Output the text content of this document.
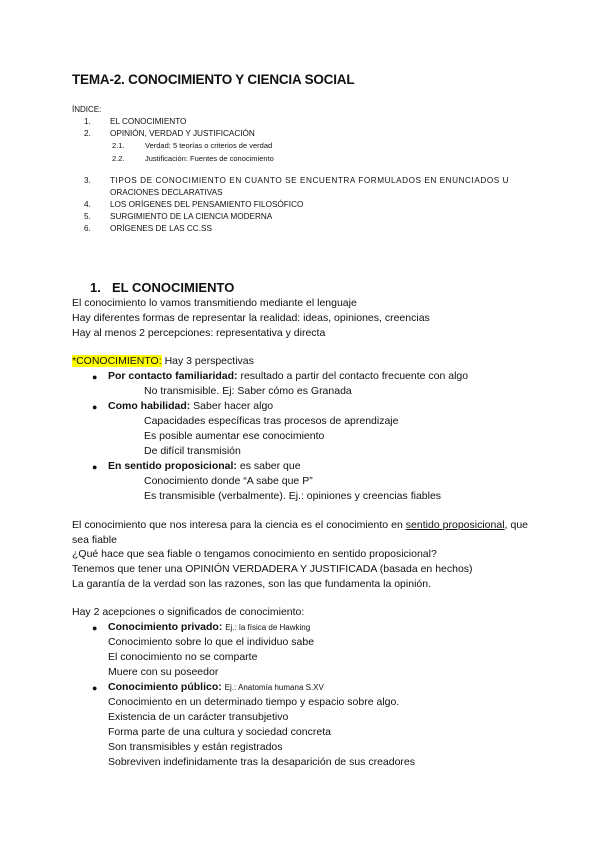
TEMA-2. CONOCIMIENTO Y CIENCIA SOCIAL
ÍNDICE:
1. EL CONOCIMIENTO
2. OPINIÓN, VERDAD Y JUSTIFICACIÓN
2.1.	Verdad: 5 teorías o criterios de verdad
2.2.	Justificación: Fuentes de conocimiento
3. TIPOS DE CONOCIMIENTO EN CUANTO SE ENCUENTRA FORMULADOS EN ENUNCIADOS U
ORACIONES DECLARATIVAS
4. LOS ORÍGENES DEL PENSAMIENTO FILOSÓFICO
5. SURGIMIENTO DE LA CIENCIA MODERNA
6. ORÍGENES DE LAS CC.SS
1. EL CONOCIMIENTO
El conocimiento lo vamos transmitiendo mediante el lenguaje
Hay diferentes formas de representar la realidad: ideas, opiniones, creencias
Hay al menos 2 percepciones: representativa y directa
*CONOCIMIENTO: Hay 3 perspectivas
● Por contacto familiaridad: resultado a partir del contacto frecuente con algo
No transmisible. Ej: Saber cómo es Granada
● Como habilidad: Saber hacer algo
Capacidades específicas tras procesos de aprendizaje
Es posible aumentar ese conocimiento
De difícil transmisión
● En sentido proposicional: es saber que
Conocimiento donde “A sabe que P”
Es transmisible (verbalmente). Ej.: opiniones y creencias fiables
El conocimiento que nos interesa para la ciencia es el conocimiento en sentido proposicional, que sea fiable
¿Qué hace que sea fiable o tengamos conocimiento en sentido proposicional?
Tenemos que tener una OPINIÓN VERDADERA Y JUSTIFICADA (basada en hechos)
La garantía de la verdad son las razones, son las que fundamenta la opinión.
Hay 2 acepciones o significados de conocimiento:
● Conocimiento privado: Ej.: la física de Hawking
Conocimiento sobre lo que el individuo sabe
El conocimiento no se comparte
Muere con su poseedor
● Conocimiento público: Ej.: Anatomía humana S.XV
Conocimiento en un determinado tiempo y espacio sobre algo.
Existencia de un carácter transubjetivo
Forma parte de una cultura y sociedad concreta
Son transmisibles y están registrados
Sobreviven indefinidamente tras la desaparición de sus creadores
